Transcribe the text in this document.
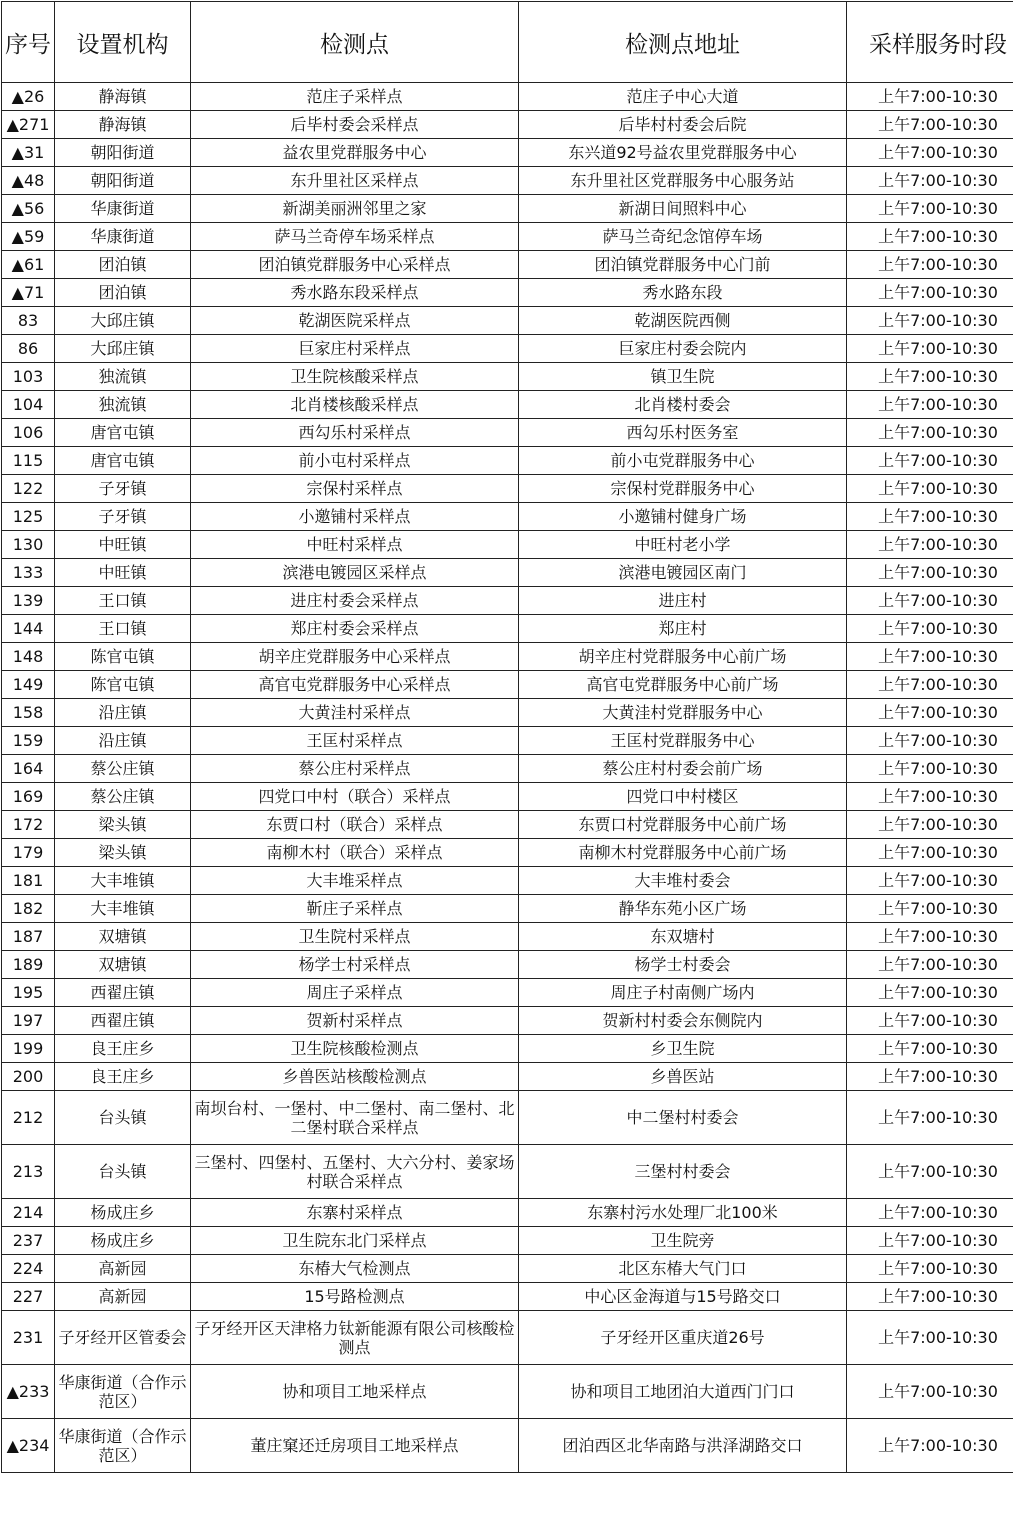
序号	设置机构	检测点	检测点地址	采样服务时段
▲26	静海镇	范庄子采样点	范庄子中心大道	上午7:00-10:30
▲271	静海镇	后毕村委会采样点	后毕村村委会后院	上午7:00-10:30
▲31	朝阳街道	益农里党群服务中心	东兴道92号益农里党群服务中心	上午7:00-10:30
▲48	朝阳街道	东升里社区采样点	东升里社区党群服务中心服务站	上午7:00-10:30
▲56	华康街道	新湖美丽洲邻里之家	新湖日间照料中心	上午7:00-10:30
▲59	华康街道	萨马兰奇停车场采样点	萨马兰奇纪念馆停车场	上午7:00-10:30
▲61	团泊镇	团泊镇党群服务中心采样点	团泊镇党群服务中心门前	上午7:00-10:30
▲71	团泊镇	秀水路东段采样点	秀水路东段	上午7:00-10:30
83	大邱庄镇	乾湖医院采样点	乾湖医院西侧	上午7:00-10:30
86	大邱庄镇	巨家庄村采样点	巨家庄村委会院内	上午7:00-10:30
103	独流镇	卫生院核酸采样点	镇卫生院	上午7:00-10:30
104	独流镇	北肖楼核酸采样点	北肖楼村委会	上午7:00-10:30
106	唐官屯镇	西勾乐村采样点	西勾乐村医务室	上午7:00-10:30
115	唐官屯镇	前小屯村采样点	前小屯党群服务中心	上午7:00-10:30
122	子牙镇	宗保村采样点	宗保村党群服务中心	上午7:00-10:30
125	子牙镇	小邀铺村采样点	小邀铺村健身广场	上午7:00-10:30
130	中旺镇	中旺村采样点	中旺村老小学	上午7:00-10:30
133	中旺镇	滨港电镀园区采样点	滨港电镀园区南门	上午7:00-10:30
139	王口镇	进庄村委会采样点	进庄村	上午7:00-10:30
144	王口镇	郑庄村委会采样点	郑庄村	上午7:00-10:30
148	陈官屯镇	胡辛庄党群服务中心采样点	胡辛庄村党群服务中心前广场	上午7:00-10:30
149	陈官屯镇	高官屯党群服务中心采样点	高官屯党群服务中心前广场	上午7:00-10:30
158	沿庄镇	大黄洼村采样点	大黄洼村党群服务中心	上午7:00-10:30
159	沿庄镇	王匡村采样点	王匡村党群服务中心	上午7:00-10:30
164	蔡公庄镇	蔡公庄村采样点	蔡公庄村村委会前广场	上午7:00-10:30
169	蔡公庄镇	四党口中村（联合）采样点	四党口中村楼区	上午7:00-10:30
172	梁头镇	东贾口村（联合）采样点	东贾口村党群服务中心前广场	上午7:00-10:30
179	梁头镇	南柳木村（联合）采样点	南柳木村党群服务中心前广场	上午7:00-10:30
181	大丰堆镇	大丰堆采样点	大丰堆村委会	上午7:00-10:30
182	大丰堆镇	靳庄子采样点	静华东苑小区广场	上午7:00-10:30
187	双塘镇	卫生院村采样点	东双塘村	上午7:00-10:30
189	双塘镇	杨学士村采样点	杨学士村委会	上午7:00-10:30
195	西翟庄镇	周庄子采样点	周庄子村南侧广场内	上午7:00-10:30
197	西翟庄镇	贺新村采样点	贺新村村委会东侧院内	上午7:00-10:30
199	良王庄乡	卫生院核酸检测点	乡卫生院	上午7:00-10:30
200	良王庄乡	乡兽医站核酸检测点	乡兽医站	上午7:00-10:30
212	台头镇	南坝台村、一堡村、中二堡村、南二堡村、北二堡村联合采样点	中二堡村村委会	上午7:00-10:30
213	台头镇	三堡村、四堡村、五堡村、大六分村、姜家场村联合采样点	三堡村村委会	上午7:00-10:30
214	杨成庄乡	东寨村采样点	东寨村污水处理厂北100米	上午7:00-10:30
237	杨成庄乡	卫生院东北门采样点	卫生院旁	上午7:00-10:30
224	高新园	东椿大气检测点	北区东椿大气门口	上午7:00-10:30
227	高新园	15号路检测点	中心区金海道与15号路交口	上午7:00-10:30
231	子牙经开区管委会	子牙经开区天津格力钛新能源有限公司核酸检测点	子牙经开区重庆道26号	上午7:00-10:30
▲233	华康街道（合作示范区）	协和项目工地采样点	协和项目工地团泊大道西门门口	上午7:00-10:30
▲234	华康街道（合作示范区）	董庄窠还迁房项目工地采样点	团泊西区北华南路与洪泽湖路交口	上午7:00-10:30
